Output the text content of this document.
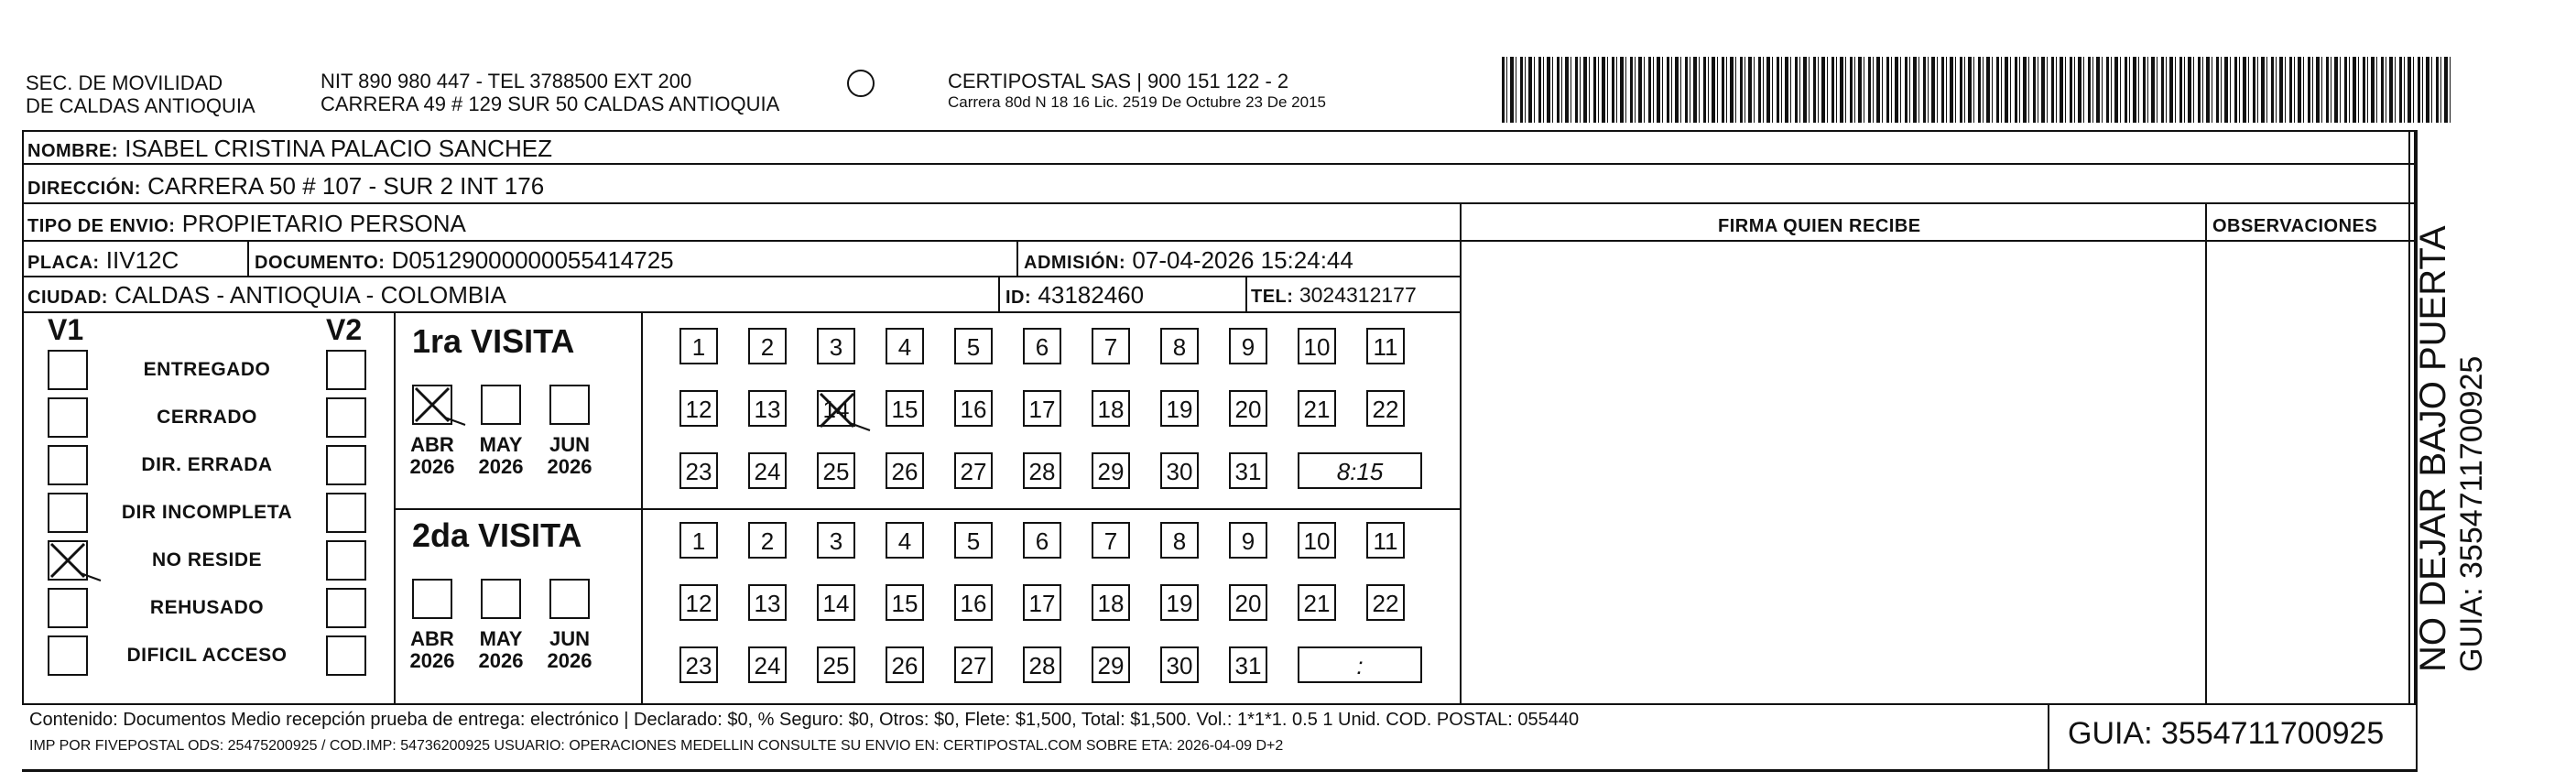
SEC. DE MOVILIDAD
DE CALDAS ANTIOQUIA
NIT 890 980 447 - TEL 3788500 EXT 200
CARRERA 49 # 129 SUR 50 CALDAS ANTIOQUIA
CERTIPOSTAL SAS | 900 151 122 - 2
Carrera 80d N 18 16 Lic. 2519 De Octubre 23 De 2015
NOMBRE: ISABEL CRISTINA PALACIO SANCHEZ
DIRECCIÓN: CARRERA 50 # 107 - SUR 2 INT 176
TIPO DE ENVIO: PROPIETARIO PERSONA
PLACA: IIV12C	DOCUMENTO: D05129000000055414725	ADMISIÓN: 07-04-2026 15:24:44
CIUDAD: CALDAS - ANTIOQUIA - COLOMBIA	ID: 43182460	TEL: 3024312177
FIRMA QUIEN RECIBE	OBSERVACIONES
V1	V2
ENTREGADO
CERRADO
DIR. ERRADA
DIR INCOMPLETA
NO RESIDE
REHUSADO
DIFICIL ACCESO
1ra VISITA
2da VISITA
ABR
2026
MAY
2026
JUN
2026
ABR
2026
MAY
2026
JUN
2026
1	2	3	4	5	6	7	8	9	10 11
12 13 14 15 16 17 18 19 20 21 22
23 24 25 26 27 28 29 30 31	8:15
1	2	3	4	5	6	7	8	9	10 11
12 13 14 15 16 17 18 19 20 21 22
23 24 25 26 27 28 29 30 31	:
Contenido: Documentos Medio recepción prueba de entrega: electrónico | Declarado: $0, % Seguro: $0, Otros: $0, Flete: $1,500, Total: $1,500. Vol.: 1*1*1. 0.5 1 Unid. COD. POSTAL: 055440
IMP POR FIVEPOSTAL ODS: 25475200925 / COD.IMP: 54736200925 USUARIO: OPERACIONES MEDELLIN CONSULTE SU ENVIO EN: CERTIPOSTAL.COM SOBRE ETA: 2026-04-09 D+2	GUIA: 3554711700925
NO DEJAR BAJO PUERTA GUIA: 3554711700925
